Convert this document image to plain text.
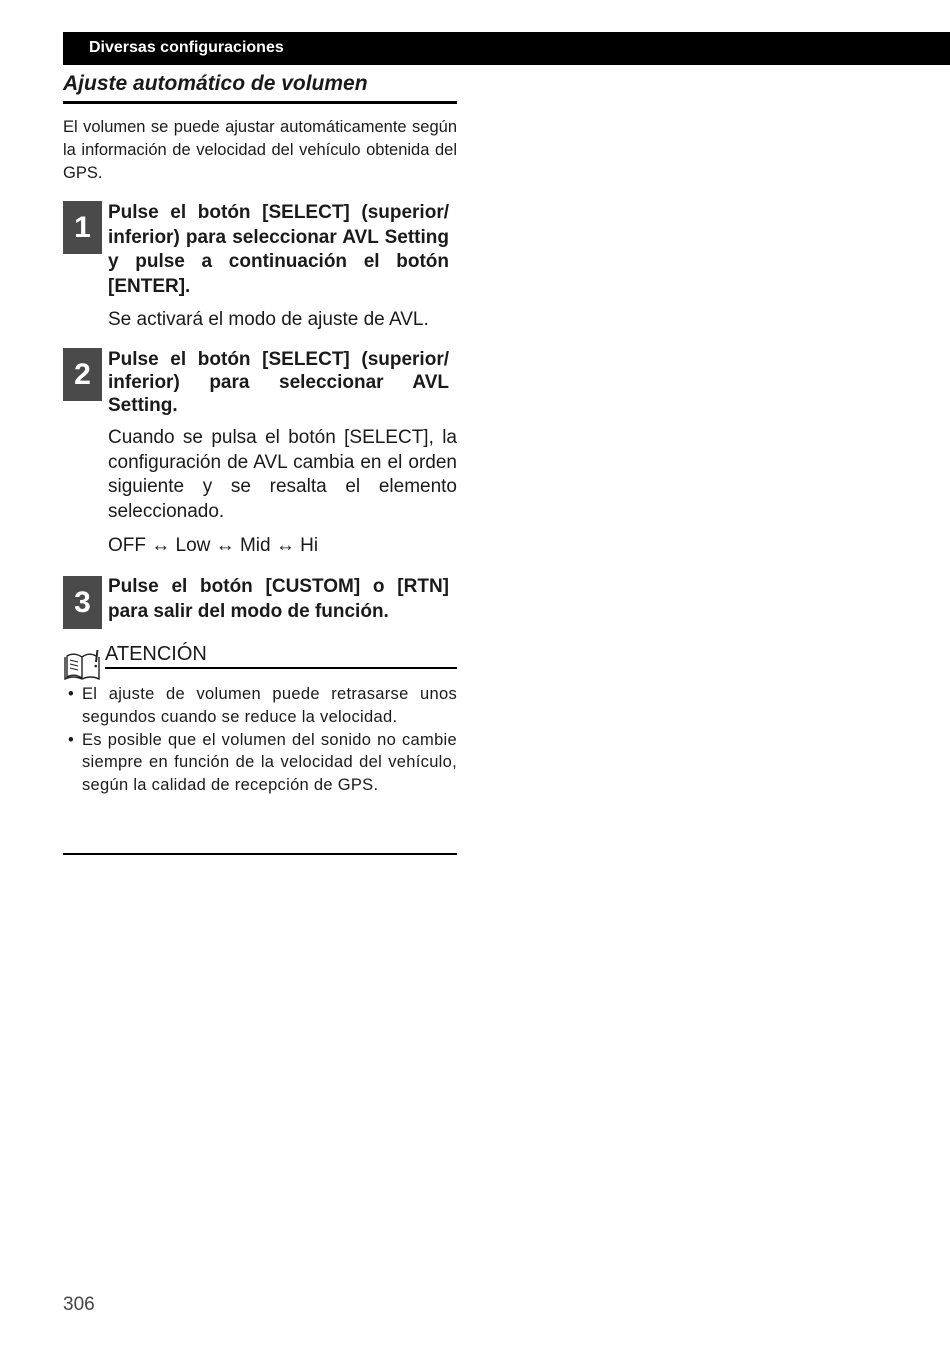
Diversas configuraciones
Ajuste automático de volumen
El volumen se puede ajustar automáticamente según la información de velocidad del vehículo obtenida del GPS.
1 Pulse el botón [SELECT] (superior/ inferior) para seleccionar AVL Setting y pulse a continuación el botón [ENTER].
Se activará el modo de ajuste de AVL.
2 Pulse el botón [SELECT] (superior/ inferior) para seleccionar AVL Setting.
Cuando se pulsa el botón [SELECT], la configuración de AVL cambia en el orden siguiente y se resalta el elemento seleccionado.
OFF ↔ Low ↔ Mid ↔ Hi
3 Pulse el botón [CUSTOM] o [RTN] para salir del modo de función.
ATENCIÓN
• El ajuste de volumen puede retrasarse unos segundos cuando se reduce la velocidad.
• Es posible que el volumen del sonido no cambie siempre en función de la velocidad del vehículo, según la calidad de recepción de GPS.
306
